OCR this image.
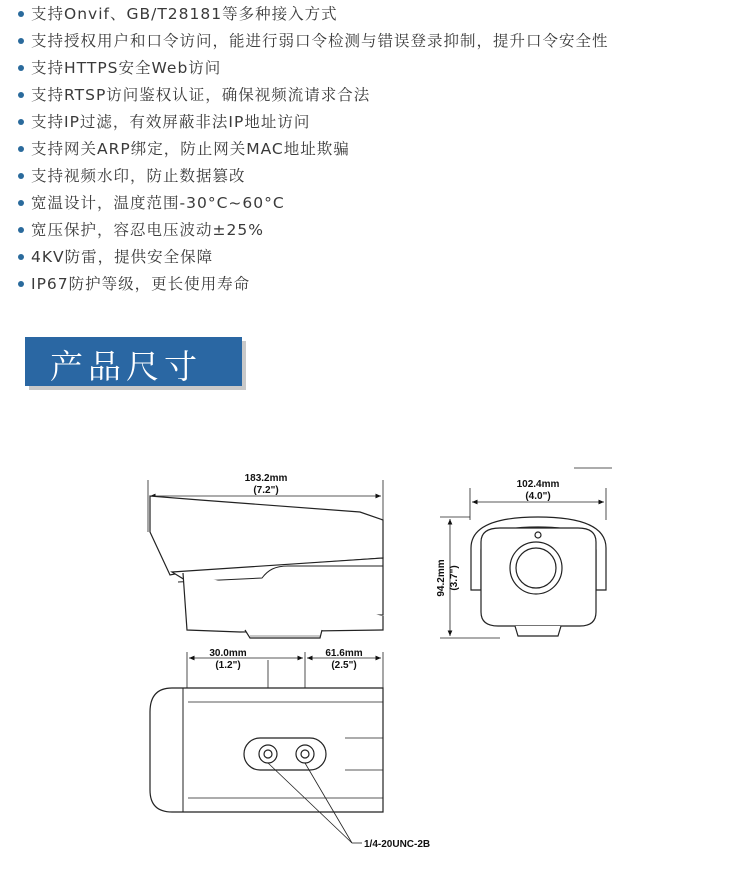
支持Onvif、GB/T28181等多种接入方式
支持授权用户和口令访问，能进行弱口令检测与错误登录抑制，提升口令安全性
支持HTTPS安全Web访问
支持RTSP访问鉴权认证，确保视频流请求合法
支持IP过滤，有效屏蔽非法IP地址访问
支持网关ARP绑定，防止网关MAC地址欺骗
支持视频水印，防止数据篡改
宽温设计，温度范围-30°C~60°C
宽压保护，容忍电压波动±25%
4KV防雷，提供安全保障
IP67防护等级，更长使用寿命
产品尺寸
183.2mm
(7.2")
102.4mm
(4.0")
94.2mm (3.7")
30.0mm
(1.2")
61.6mm
(2.5")
1/4-20UNC-2B
